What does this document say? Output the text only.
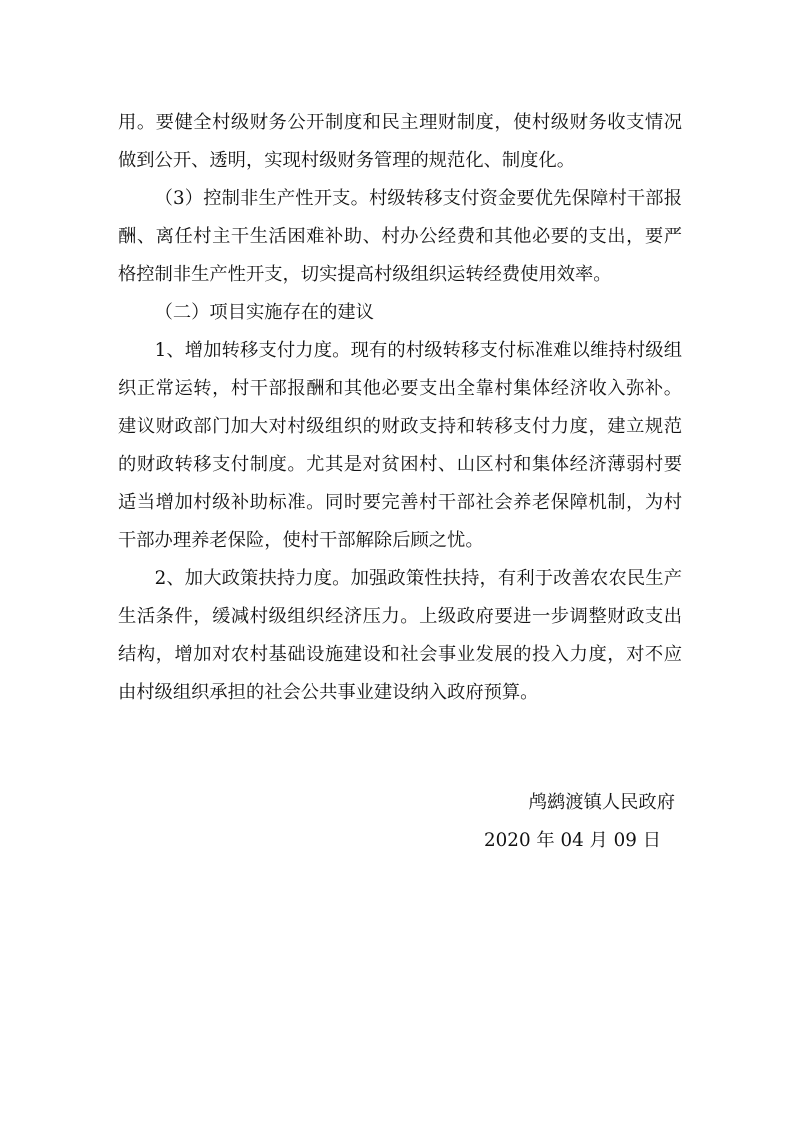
用。要健全村级财务公开制度和民主理财制度，使村级财务收支情况做到公开、透明，实现村级财务管理的规范化、制度化。

（3）控制非生产性开支。村级转移支付资金要优先保障村干部报酬、离任村主干生活困难补助、村办公经费和其他必要的支出，要严格控制非生产性开支，切实提高村级组织运转经费使用效率。

（二）项目实施存在的建议

1、增加转移支付力度。现有的村级转移支付标准难以维持村级组织正常运转，村干部报酬和其他必要支出全靠村集体经济收入弥补。建议财政部门加大对村级组织的财政支持和转移支付力度，建立规范的财政转移支付制度。尤其是对贫困村、山区村和集体经济薄弱村要适当增加村级补助标准。同时要完善村干部社会养老保障机制，为村干部办理养老保险，使村干部解除后顾之忧。

2、加大政策扶持力度。加强政策性扶持，有利于改善农农民生产生活条件，缓减村级组织经济压力。上级政府要进一步调整财政支出结构，增加对农村基础设施建设和社会事业发展的投入力度，对不应由村级组织承担的社会公共事业建设纳入政府预算。

鸬鹚渡镇人民政府
2020 年 04 月 09 日
